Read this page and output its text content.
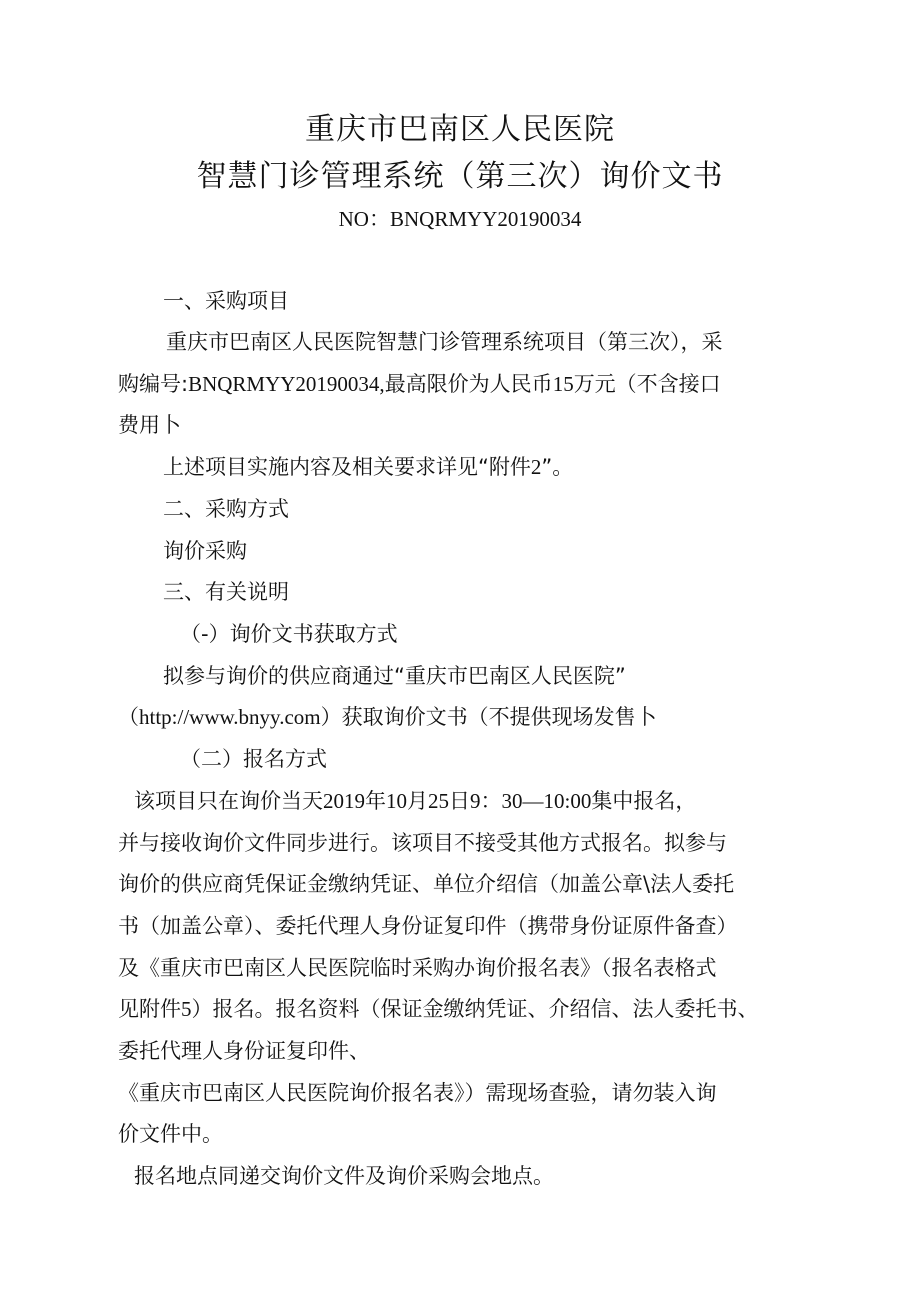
重庆市巴南区人民医院
智慧门诊管理系统（第三次）询价文书
NO：BNQRMYY20190034
一、采购项目
重庆市巴南区人民医院智慧门诊管理系统项目（第三次），采
购编号:BNQRMYY20190034,最高限价为人民币15万元（不含接口
费用卜
上述项目实施内容及相关要求详见“附件2”。
二、采购方式
询价采购
三、有关说明
（-）询价文书获取方式
拟参与询价的供应商通过“重庆市巴南区人民医院”
（http://www.bnyy.com）获取询价文书（不提供现场发售卜
（二）报名方式
该项目只在询价当天2019年10月25日9：30—10:00集中报名，
并与接收询价文件同步进行。该项目不接受其他方式报名。拟参与
询价的供应商凭保证金缴纳凭证、单位介绍信（加盖公章\法人委托
书（加盖公章）、委托代理人身份证复印件（携带身份证原件备查）
及《重庆市巴南区人民医院临时采购办询价报名表》（报名表格式
见附件5）报名。报名资料（保证金缴纳凭证、介绍信、法人委托书、
委托代理人身份证复印件、
《重庆市巴南区人民医院询价报名表》）需现场查验，请勿装入询
价文件中。
报名地点同递交询价文件及询价采购会地点。
